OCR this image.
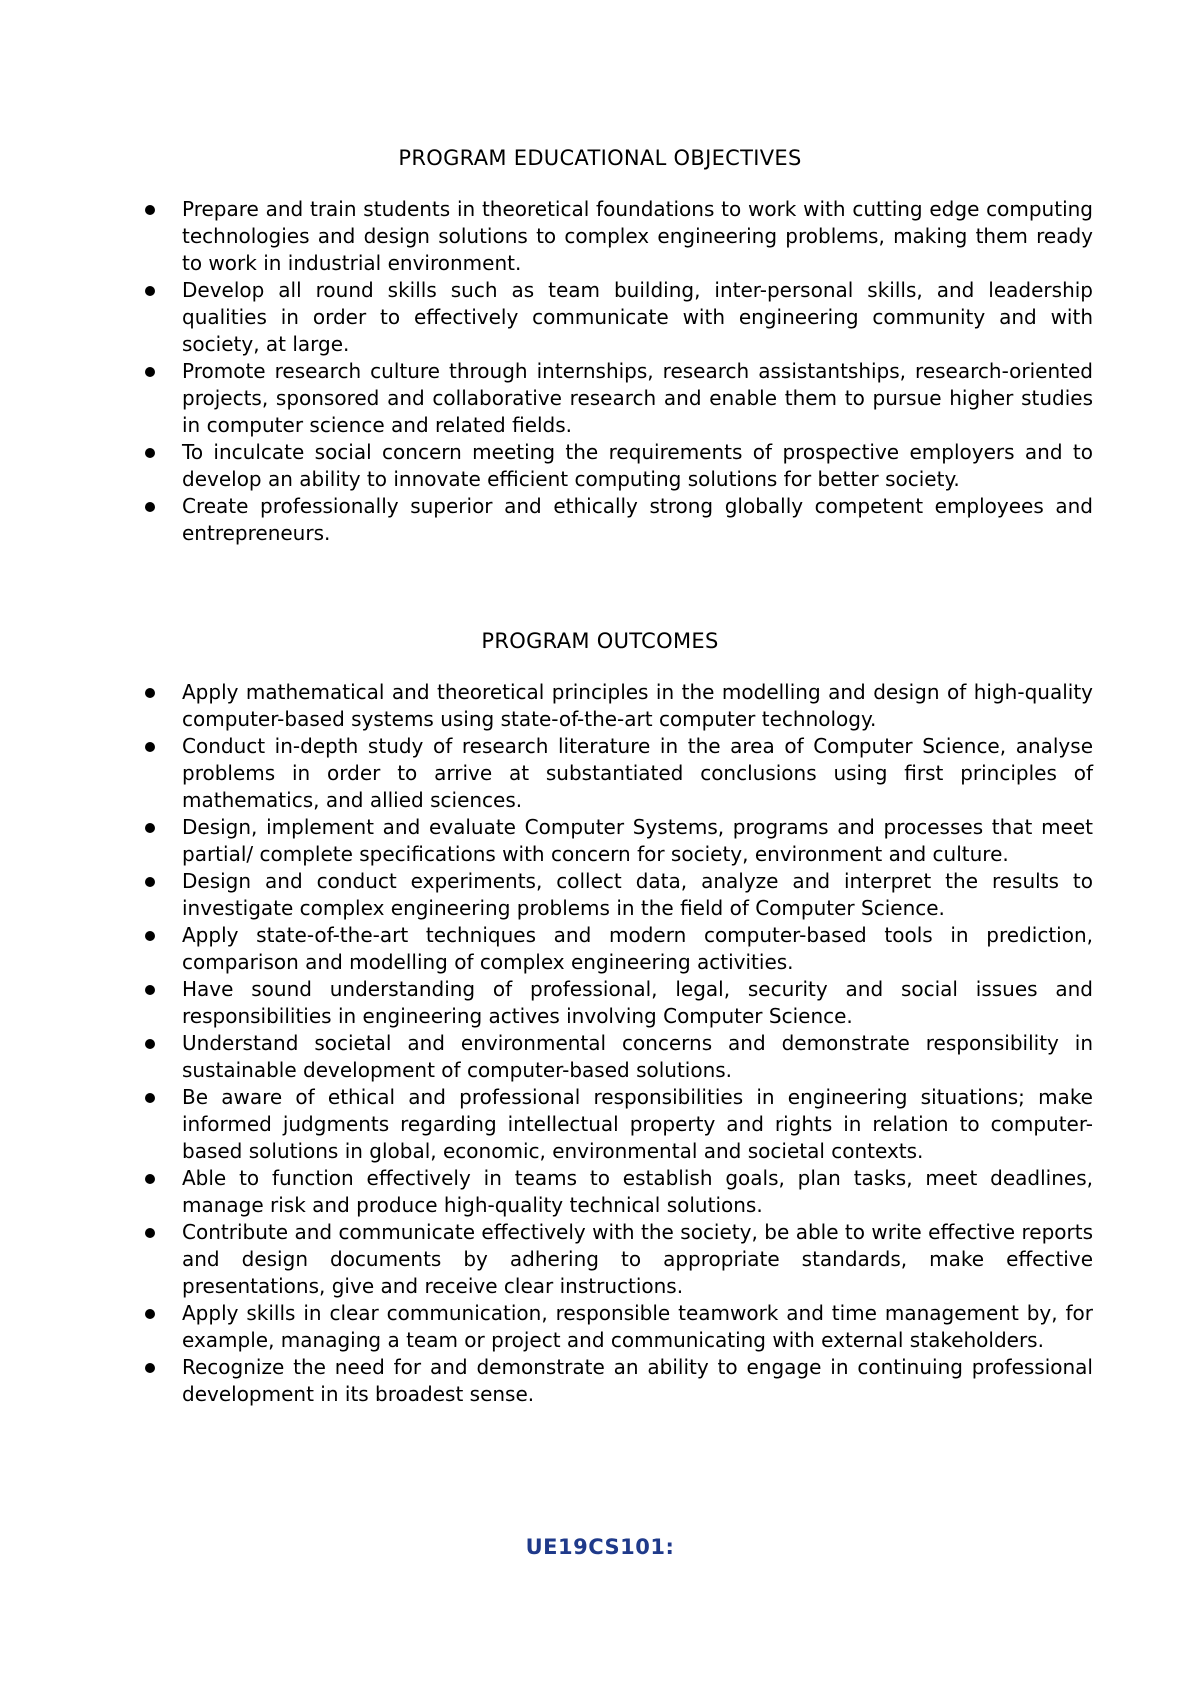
PROGRAM EDUCATIONAL OBJECTIVES
Prepare and train students in theoretical foundations to work with cutting edge computing technologies and design solutions to complex engineering problems, making them ready to work in industrial environment.
Develop all round skills such as team building, inter-personal skills, and leadership qualities in order to effectively communicate with engineering community and with society, at large.
Promote research culture through internships, research assistantships, research-oriented projects, sponsored and collaborative research and enable them to pursue higher studies in computer science and related fields.
To inculcate social concern meeting the requirements of prospective employers and to develop an ability to innovate efficient computing solutions for better society.
Create professionally superior and ethically strong globally competent employees and entrepreneurs.
PROGRAM OUTCOMES
Apply mathematical and theoretical principles in the modelling and design of high-quality computer-based systems using state-of-the-art computer technology.
Conduct in-depth study of research literature in the area of Computer Science, analyse problems in order to arrive at substantiated conclusions using first principles of mathematics, and allied sciences.
Design, implement and evaluate Computer Systems, programs and processes that meet partial/ complete specifications with concern for society, environment and culture.
Design and conduct experiments, collect data, analyze and interpret the results to investigate complex engineering problems in the field of Computer Science.
Apply state-of-the-art techniques and modern computer-based tools in prediction, comparison and modelling of complex engineering activities.
Have sound understanding of professional, legal, security and social issues and responsibilities in engineering actives involving Computer Science.
Understand societal and environmental concerns and demonstrate responsibility in sustainable development of computer-based solutions.
Be aware of ethical and professional responsibilities in engineering situations; make informed judgments regarding intellectual property and rights in relation to computer-based solutions in global, economic, environmental and societal contexts.
Able to function effectively in teams to establish goals, plan tasks, meet deadlines, manage risk and produce high-quality technical solutions.
Contribute and communicate effectively with the society, be able to write effective reports and design documents by adhering to appropriate standards, make effective presentations, give and receive clear instructions.
Apply skills in clear communication, responsible teamwork and time management by, for example, managing a team or project and communicating with external stakeholders.
Recognize the need for and demonstrate an ability to engage in continuing professional development in its broadest sense.
UE19CS101:
